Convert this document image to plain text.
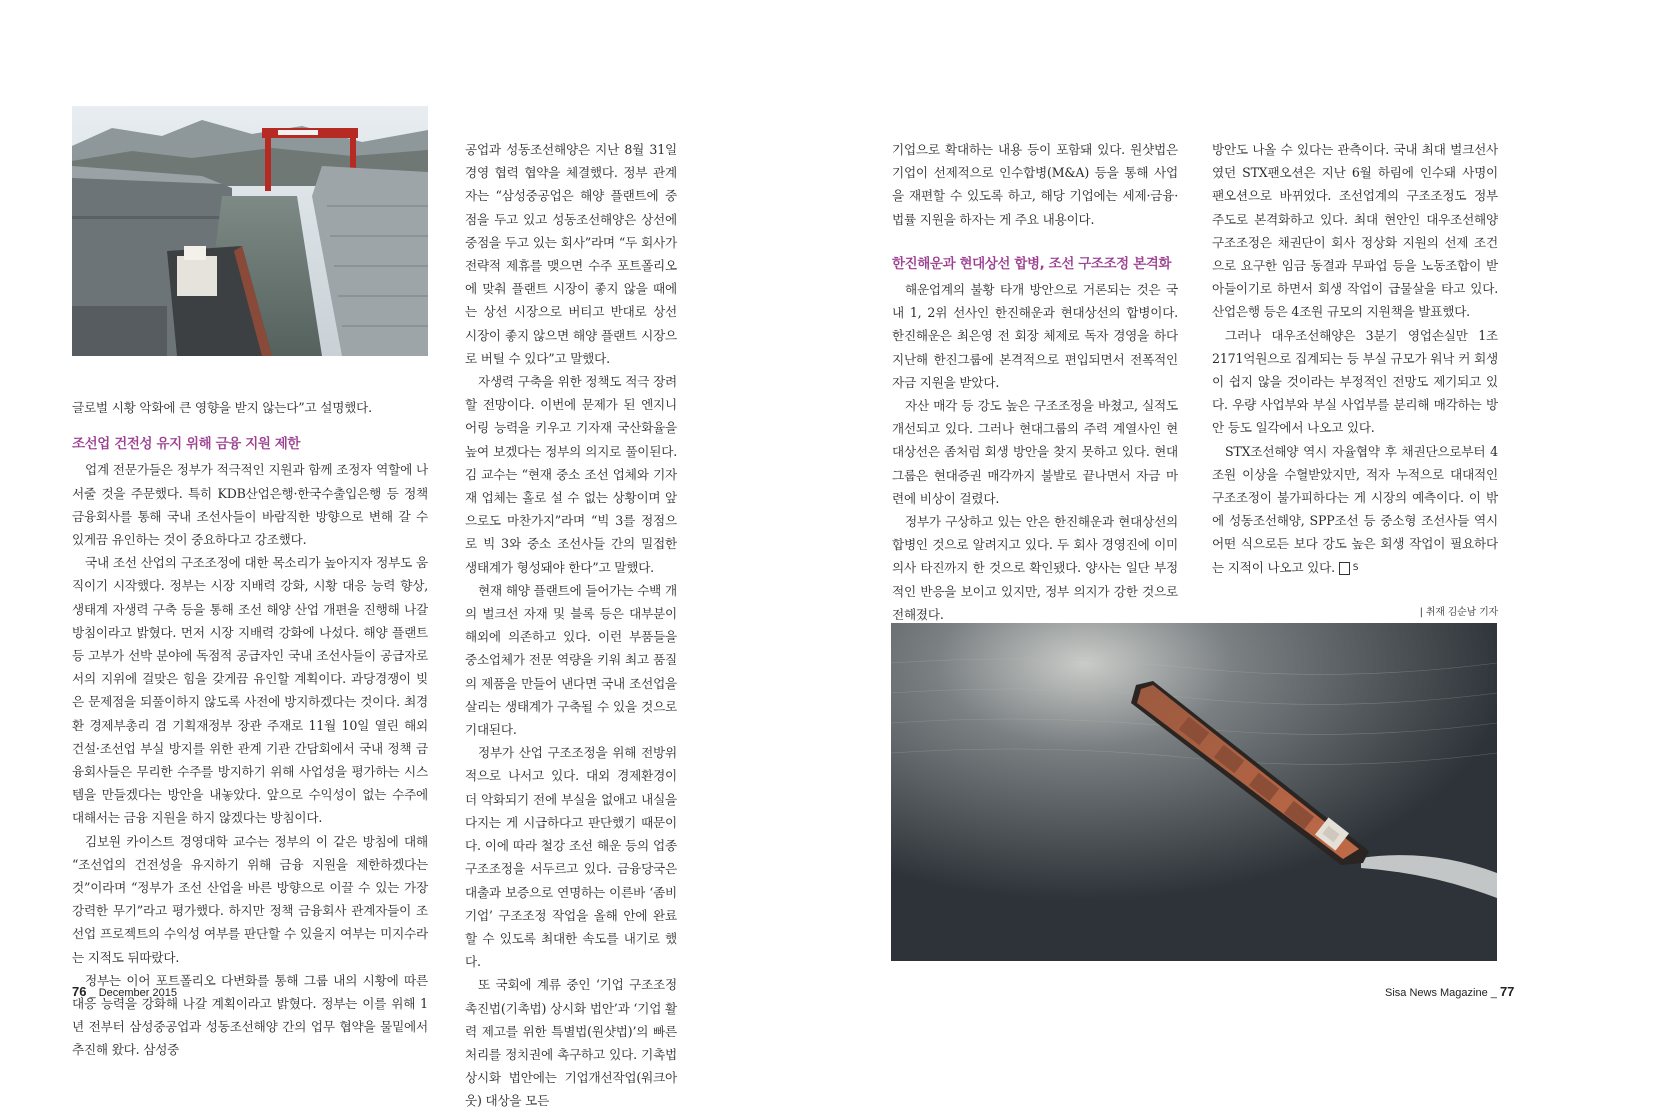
글로벌 시황 악화에 큰 영향을 받지 않는다”고 설명했다.

조선업 건전성 유지 위해 금융 지원 제한

업계 전문가들은 정부가 적극적인 지원과 함께 조정자 역할에 나서줄 것을 주문했다. 특히 KDB산업은행·한국수출입은행 등 정책 금융회사를 통해 국내 조선사들이 바람직한 방향으로 변해 갈 수 있게끔 유인하는 것이 중요하다고 강조했다.

국내 조선 산업의 구조조정에 대한 목소리가 높아지자 정부도 움직이기 시작했다. 정부는 시장 지배력 강화, 시황 대응 능력 향상, 생태계 자생력 구축 등을 통해 조선 해양 산업 개편을 진행해 나갈 방침이라고 밝혔다. 먼저 시장 지배력 강화에 나섰다. 해양 플랜트 등 고부가 선박 분야에 독점적 공급자인 국내 조선사들이 공급자로서의 지위에 걸맞은 힘을 갖게끔 유인할 계획이다. 과당경쟁이 빚은 문제점을 되풀이하지 않도록 사전에 방지하겠다는 것이다. 최경환 경제부총리 겸 기획재정부 장관 주재로 11월 10일 열린 해외 건설·조선업 부실 방지를 위한 관계 기관 간담회에서 국내 정책 금융회사들은 무리한 수주를 방지하기 위해 사업성을 평가하는 시스템을 만들겠다는 방안을 내놓았다. 앞으로 수익성이 없는 수주에 대해서는 금융 지원을 하지 않겠다는 방침이다.

김보원 카이스트 경영대학 교수는 정부의 이 같은 방침에 대해 “조선업의 건전성을 유지하기 위해 금융 지원을 제한하겠다는 것”이라며 “정부가 조선 산업을 바른 방향으로 이끌 수 있는 가장 강력한 무기”라고 평가했다. 하지만 정책 금융회사 관계자들이 조선업 프로젝트의 수익성 여부를 판단할 수 있을지 여부는 미지수라는 지적도 뒤따랐다.

정부는 이어 포트폴리오 다변화를 통해 그룹 내의 시황에 따른 대응 능력을 강화해 나갈 계획이라고 밝혔다. 정부는 이를 위해 1년 전부터 삼성중공업과 성동조선해양 간의 업무 협약을 물밑에서 추진해 왔다. 삼성중

공업과 성동조선해양은 지난 8월 31일 경영 협력 협약을 체결했다. 정부 관계자는 “삼성중공업은 해양 플랜트에 중점을 두고 있고 성동조선해양은 상선에 중점을 두고 있는 회사”라며 “두 회사가 전략적 제휴를 맺으면 수주 포트폴리오에 맞춰 플랜트 시장이 좋지 않을 때에는 상선 시장으로 버티고 반대로 상선 시장이 좋지 않으면 해양 플랜트 시장으로 버틸 수 있다”고 말했다.

자생력 구축을 위한 정책도 적극 장려할 전망이다. 이번에 문제가 된 엔지니어링 능력을 키우고 기자재 국산화율을 높여 보겠다는 정부의 의지로 풀이된다. 김 교수는 “현재 중소 조선 업체와 기자재 업체는 홀로 설 수 없는 상황이며 앞으로도 마찬가지”라며 “빅 3를 정점으로 빅 3와 중소 조선사들 간의 밀접한 생태계가 형성돼야 한다”고 말했다.

현재 해양 플랜트에 들어가는 수백 개의 벌크선 자재 및 블록 등은 대부분이 해외에 의존하고 있다. 이런 부품들을 중소업체가 전문 역량을 키워 최고 품질의 제품을 만들어 낸다면 국내 조선업을 살리는 생태계가 구축될 수 있을 것으로 기대된다.

정부가 산업 구조조정을 위해 전방위적으로 나서고 있다. 대외 경제환경이 더 악화되기 전에 부실을 없애고 내실을 다지는 게 시급하다고 판단했기 때문이다. 이에 따라 철강 조선 해운 등의 업종 구조조정을 서두르고 있다. 금융당국은 대출과 보증으로 연명하는 이른바 ‘좀비기업’ 구조조정 작업을 올해 안에 완료할 수 있도록 최대한 속도를 내기로 했다.

또 국회에 계류 중인 ‘기업 구조조정 촉진법(기촉법) 상시화 법안’과 ‘기업 활력 제고를 위한 특별법(원샷법)’의 빠른 처리를 정치권에 촉구하고 있다. 기촉법 상시화 법안에는 기업개선작업(워크아웃) 대상을 모든

76 _ December 2015

기업으로 확대하는 내용 등이 포함돼 있다. 원샷법은 기업이 선제적으로 인수합병(M&A) 등을 통해 사업을 재편할 수 있도록 하고, 해당 기업에는 세제·금융·법률 지원을 하자는 게 주요 내용이다.

한진해운과 현대상선 합병, 조선 구조조정 본격화

해운업계의 불황 타개 방안으로 거론되는 것은 국내 1, 2위 선사인 한진해운과 현대상선의 합병이다. 한진해운은 최은영 전 회장 체제로 독자 경영을 하다 지난해 한진그룹에 본격적으로 편입되면서 전폭적인 자금 지원을 받았다.

자산 매각 등 강도 높은 구조조정을 바쳤고, 실적도 개선되고 있다. 그러나 현대그룹의 주력 계열사인 현대상선은 좀처럼 회생 방안을 찾지 못하고 있다. 현대그룹은 현대증권 매각까지 불발로 끝나면서 자금 마련에 비상이 걸렸다.

정부가 구상하고 있는 안은 한진해운과 현대상선의 합병인 것으로 알려지고 있다. 두 회사 경영진에 이미 의사 타진까지 한 것으로 확인됐다. 양사는 일단 부정적인 반응을 보이고 있지만, 정부 의지가 강한 것으로 전해졌다.

방안도 나올 수 있다는 관측이다. 국내 최대 벌크선사였던 STX팬오션은 지난 6월 하림에 인수돼 사명이 팬오션으로 바뀌었다. 조선업계의 구조조정도 정부 주도로 본격화하고 있다. 최대 현안인 대우조선해양 구조조정은 채권단이 회사 정상화 지원의 선제 조건으로 요구한 임금 동결과 무파업 등을 노동조합이 받아들이기로 하면서 회생 작업이 급물살을 타고 있다. 산업은행 등은 4조원 규모의 지원책을 발표했다.

그러나 대우조선해양은 3분기 영업손실만 1조2171억원으로 집계되는 등 부실 규모가 워낙 커 회생이 쉽지 않을 것이라는 부정적인 전망도 제기되고 있다. 우량 사업부와 부실 사업부를 분리해 매각하는 방안 등도 일각에서 나오고 있다.

STX조선해양 역시 자율협약 후 채권단으로부터 4조원 이상을 수혈받았지만, 적자 누적으로 대대적인 구조조정이 불가피하다는 게 시장의 예측이다. 이 밖에 성동조선해양, SPP조선 등 중소형 조선사들 역시 어떤 식으로든 보다 강도 높은 회생 작업이 필요하다는 지적이 나오고 있다. S

| 취재 김순남 기자
Sisa News Magazine _ 77
